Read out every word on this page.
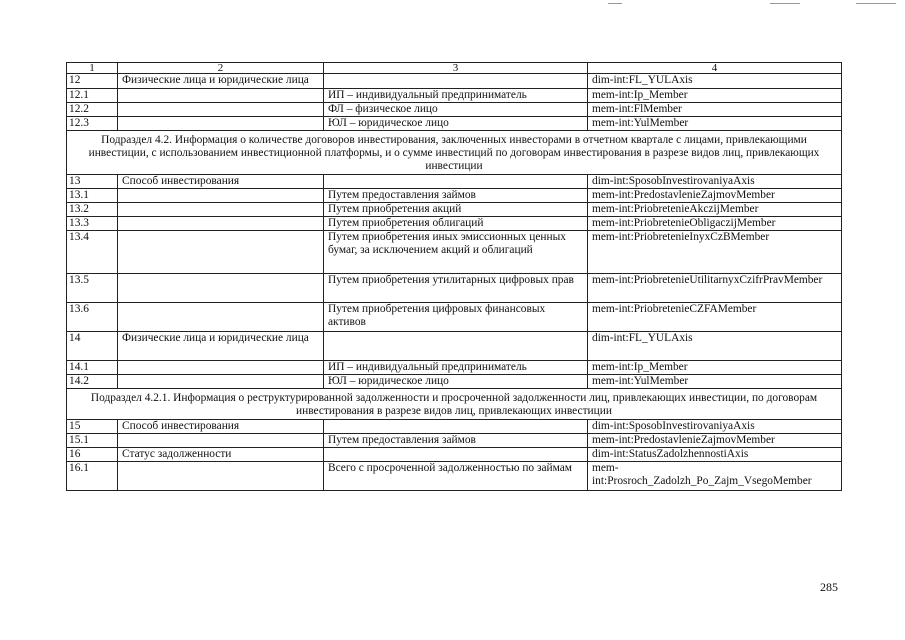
1	2	3	4
12	Физические лица и юридические лица		dim-int:FL_YULAxis
12.1		ИП – индивидуальный предприниматель	mem-int:Ip_Member
12.2		ФЛ – физическое лицо	mem-int:FlMember
12.3		ЮЛ – юридическое лицо	mem-int:YulMember
Подраздел 4.2. Информация о количестве договоров инвестирования, заключенных инвесторами в отчетном квартале с лицами, привлекающими инвестиции, с использованием инвестиционной платформы, и о сумме инвестиций по договорам инвестирования в разрезе видов лиц, привлекающих инвестиции			
13	Способ инвестирования		dim-int:SposobInvestirovaniyaAxis
13.1		Путем предоставления займов	mem-int:PredostavlenieZajmovMember
13.2		Путем приобретения акций	mem-int:PriobretenieAkczijMember
13.3		Путем приобретения облигаций	mem-int:PriobretenieObligaczijMember
13.4		Путем приобретения иных эмиссионных ценных бумаг, за исключением акций и облигаций	mem-int:PriobretenieInyxCzBMember
13.5		Путем приобретения утилитарных цифровых прав	mem-int:PriobretenieUtilitarnyxCzifrPravMember
13.6		Путем приобретения цифровых финансовых активов	mem-int:PriobretenieCZFAMember
14	Физические лица и юридические лица		dim-int:FL_YULAxis
14.1		ИП – индивидуальный предприниматель	mem-int:Ip_Member
14.2		ЮЛ – юридическое лицо	mem-int:YulMember
Подраздел 4.2.1. Информация о реструктурированной задолженности и просроченной задолженности лиц, привлекающих инвестиции, по договорам инвестирования в разрезе видов лиц, привлекающих инвестиции			
15	Способ инвестирования		dim-int:SposobInvestirovaniyaAxis
15.1		Путем предоставления займов	mem-int:PredostavlenieZajmovMember
16	Статус задолженности		dim-int:StatusZadolzhennostiAxis
16.1		Всего с просроченной задолженностью по займам	mem-int:Prosroch_Zadolzh_Po_Zajm_VsegoMember
285
